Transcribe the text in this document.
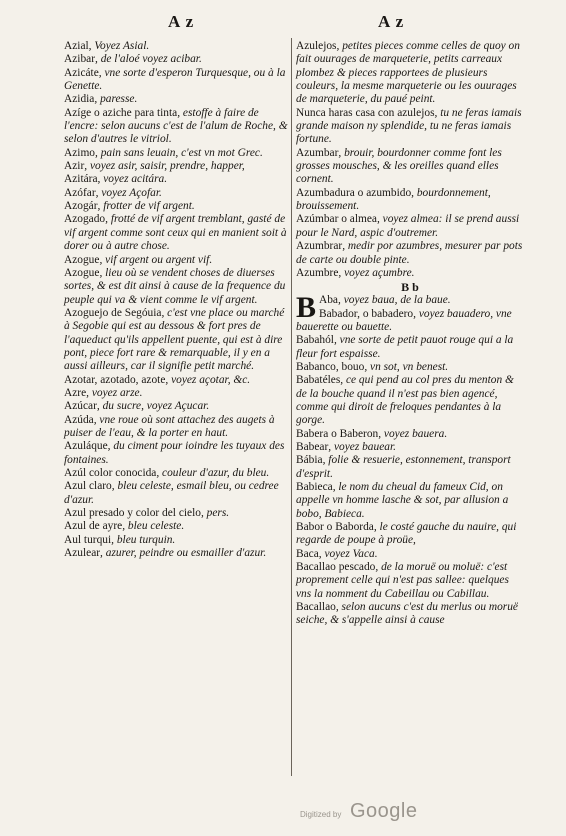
A z	A z

Azial, Voyez Asial.

Azibar, de l'aloé voyez acibar.

Azicáte, vne sorte d'esperon Turquesque, ou à la Genette.

Azidia, paresse.

Azíge o aziche para tinta, estoffe à faire de l'encre: selon aucuns c'est de l'alum de Roche, & selon d'autres le vitriol.

Azimo, pain sans leuain, c'est vn mot Grec.

Azir, voyez asir, saisir, prendre, happer,

Azitára, voyez acitára.

Azófar, voyez Açofar.

Azogár, frotter de vif argent.

Azogado, frotté de vif argent tremblant, gasté de vif argent comme sont ceux qui en manient soit à dorer ou à autre chose.

Azogue, vif argent ou argent vif.

Azogue, lieu où se vendent choses de diuerses sortes, & est dit ainsi à cause de la frequence du peuple qui va & vient comme le vif argent.

Azoguejo de Segóuia, c'est vne place ou marché à Segobie qui est au dessous & fort pres de l'aqueduct qu'ils appellent puente, qui est à dire pont, piece fort rare & remarquable, il y en a aussi ailleurs, car il signifie petit marché.

Azotar, azotado, azote, voyez açotar, &c.

Azre, voyez arze.

Azúcar, du sucre, voyez Açucar.

Azúda, vne roue où sont attachez des augets à puiser de l'eau, & la porter en haut.

Azuláque, du ciment pour ioindre les tuyaux des fontaines.

Azúl color conocida, couleur d'azur, du bleu.

Azul claro, bleu celeste, esmail bleu, ou cedree d'azur.

Azul presado y color del cielo, pers.

Azul de ayre, bleu celeste.

Aul turqui, bleu turquin.

Azulear, azurer, peindre ou esmailler d'azur.

Azulejos, petites pieces comme celles de quoy on fait ouurages de marqueterie, petits carreaux plombez & pieces rapportees de plusieurs couleurs, la mesme marqueterie ou les ouurages de marqueterie, du paué peint.

Nunca haras casa con azulejos, tu ne feras iamais grande maison ny splendide, tu ne feras iamais fortune.

Azumbar, brouir, bourdonner comme font les grosses mousches, & les oreilles quand elles cornent.

Azumbadura o azumbido, bourdonnement, brouissement.

Azúmbar o almea, voyez almea: il se prend aussi pour le Nard, aspic d'outremer.

Azumbrar, medir por azumbres, mesurer par pots de carte ou double pinte.

Azumbre, voyez açumbre.

B b

B Aba, voyez baua, de la baue.

Babador, o babadero, voyez bauadero, vne bauerette ou bauette.

Babahól, vne sorte de petit pauot rouge qui a la fleur fort espaisse.

Babanco, bouo, vn sot, vn benest.

Babatéles, ce qui pend au col pres du menton & de la bouche quand il n'est pas bien agencé, comme qui diroit de freloques pendantes à la gorge.

Babera o Baberon, voyez bauera.

Babear, voyez bauear.

Bábia, folie & resuerie, estonnement, transport d'esprit.

Babieca, le nom du cheual du fameux Cid, on appelle vn homme lasche & sot, par allusion a bobo, Babieca.

Babor o Baborda, le costé gauche du nauire, qui regarde de poupe à proüe,

Baca, voyez Vaca.

Bacallao pescado, de la moruë ou moluë: c'est proprement celle qui n'est pas sallee: quelques vns la nomment du Cabeillau ou Cabillau.

Bacallao, selon aucuns c'est du merlus ou moruë seiche, & s'appelle ainsi à cause

Digitized by Google
